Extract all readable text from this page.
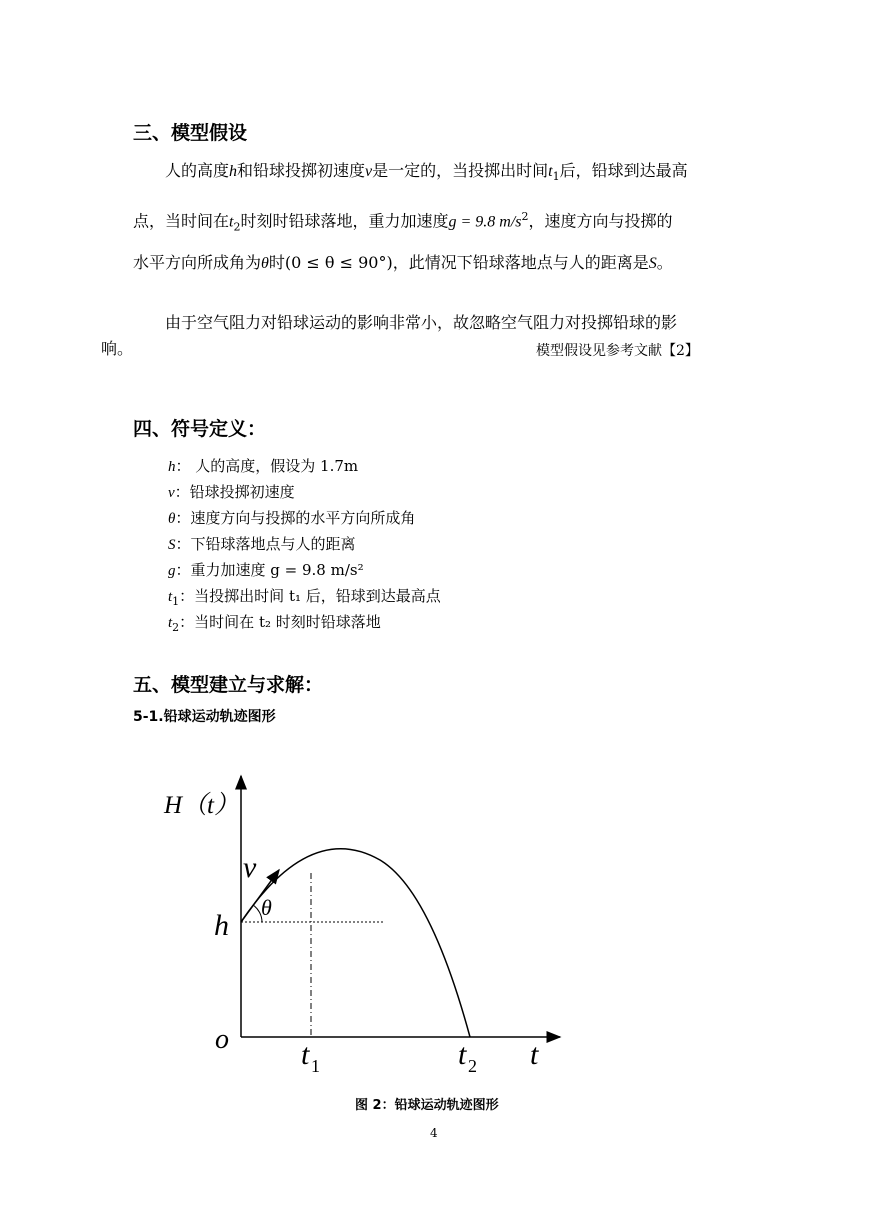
三、模型假设
人的高度h和铅球投掷初速度v是一定的，当投掷出时间$t_1$后，铅球到达最高
点，当时间在$t_2$时刻时铅球落地，重力加速度g = 9.8 $m/s^2$，速度方向与投掷的
水平方向所成角为θ时(0 ≤ θ ≤ 90°)，此情况下铅球落地点与人的距离是S。
由于空气阻力对铅球运动的影响非常小，故忽略空气阻力对投掷铅球的影
响。	模型假设见参考文献【2】
四、符号定义：
h： 人的高度，假设为 1.7m
v：铅球投掷初速度
θ：速度方向与投掷的水平方向所成角
S：下铅球落地点与人的距离
g：重力加速度 g = 9.8 m/s²
$t_1$：当投掷出时间 t₁ 后，铅球到达最高点
$t_2$：当时间在 t₂ 时刻时铅球落地
五、模型建立与求解：
5-1.铅球运动轨迹图形
H（t）
v
θ
h
o t 1	t 2 t
图 2：铅球运动轨迹图形
4
